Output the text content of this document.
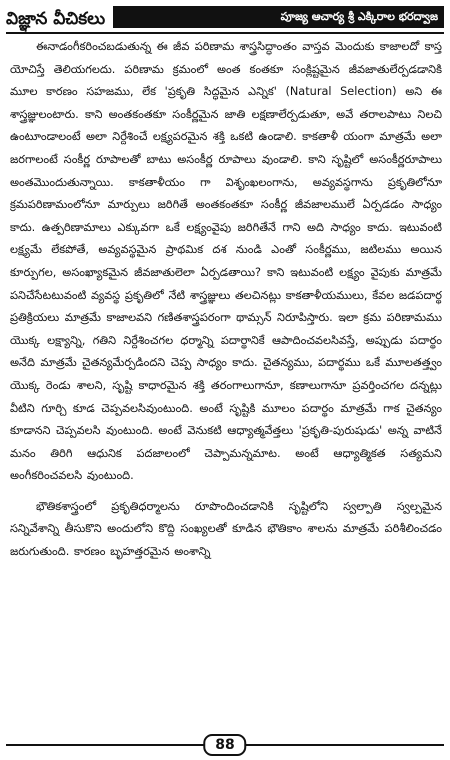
విజ్ఞాన వీచికలు	పూజ్య ఆచార్య శ్రీ ఎక్కిరాల భరద్వాజ

ఈనాడంగీకరించబడుతున్న ఈ జీవ పరిణామ శాస్త్రసిద్ధాంతం వాస్తవ మెందుకు కాజాలదో కాస్త యోచిస్తే తెలియగలదు. పరిణామ క్రమంలో అంత కంతకూ సంక్లిష్టమైన జీవజాతులేర్పడడానికి మూల కారణం సహజము, లేక 'ప్రకృతి సిద్ధమైన ఎన్నిక' (Natural Selection) అని ఈ శాస్త్రజ్ఞులంటారు. కాని అంతకంతకూ సంకీర్ణమైన జాతి లక్షణాలేర్పడుతూ, అవే తరాలపాటు నిలచి ఉంటూండాలంటే అలా నిర్దేశించే లక్ష్యపరమైన శక్తి ఒకటి ఉండాలి. కాకతాళీ యంగా మాత్రమే అలా జరగాలంటే సంకీర్ణ రూపాలతో బాటు అసంకీర్ణ రూపాలు వుండాలి. కాని సృష్టిలో అసంకీర్ణరూపాలు అంతమొందుతున్నాయి. కాకతాళీయం గా విశృంఖలంగాను, అవ్యవస్థగాను ప్రకృతిలోనూ క్రమపరిణామంలోనూ మార్పులు జరిగితే అంతకంతకూ సంకీర్ణ జీవజాలములే ఏర్పడడం సాధ్యం కాదు. ఉత్పరిణామాలు ఎక్కువగా ఒకే లక్ష్యంవైపు జరిగితేనే గాని అది సాధ్యం కాదు. ఇటువంటి లక్ష్యమే లేకపోతే, అవ్యవస్థమైన ప్రాథమిక దశ నుండి ఎంతో సంకీర్ణము, జటిలము అయిన కూర్పుగల, అసంఖ్యాకమైన జీవజాతులెలా ఏర్పడతాయి? కాని ఇటువంటి లక్ష్యం వైపుకు మాత్రమే పనిచేసేటటువంటి వ్యవస్థ ప్రకృతిలో నేటి శాస్త్రజ్ఞులు తలచినట్లు కాకతాళీయములు, కేవల జడపదార్థ ప్రతిక్రియలు మాత్రమే కాజాలవని గణితశాస్త్రపరంగా థామ్సన్ నిరూపిస్తారు. ఇలా క్రమ పరిణామము యొక్క లక్ష్యాన్ని, గతిని నిర్దేశించగల ధర్మాన్ని పదార్థానికే ఆపాదించవలసివస్తే, అప్పుడు పదార్థం అనేది మాత్రమే చైతన్యమేర్పడిందని చెప్ప సాధ్యం కాదు. చైతన్యము, పదార్థము ఒకే మూలతత్త్వం యొక్క రెండు శాలని, సృష్టి కాధారమైన శక్తి తరంగాలుగానూ, కణాలుగానూ ప్రవర్తించగల దన్నట్లు వీటిని గూర్చి కూడ చెప్పవలసివుంటుంది. అంటే సృష్టికి మూలం పదార్థం మాత్రమే గాక చైతన్యం కూడానని చెప్పవలసి వుంటుంది. అంటే వెనుకటి ఆధ్యాత్మవేత్తలు 'ప్రకృతి-పురుషుడు' అన్న వాటినే మనం తిరిగి ఆధునిక పదజాలంలో చెప్పామన్నమాట. అంటే ఆధ్యాత్మికత సత్యమని అంగీకరించవలసి వుంటుంది.

భౌతికశాస్త్రంలో ప్రకృతిధర్మాలను రూపొందించడానికి సృష్టిలోని స్వల్పాతి స్వల్పమైన సన్నివేశాన్ని తీసుకొని అందులోని కొద్ది సంఖ్యలతో కూడిన భౌతికాం శాలను మాత్రమే పరిశీలించడం జరుగుతుంది. కారణం బృహత్తరమైన అంశాన్ని

88
